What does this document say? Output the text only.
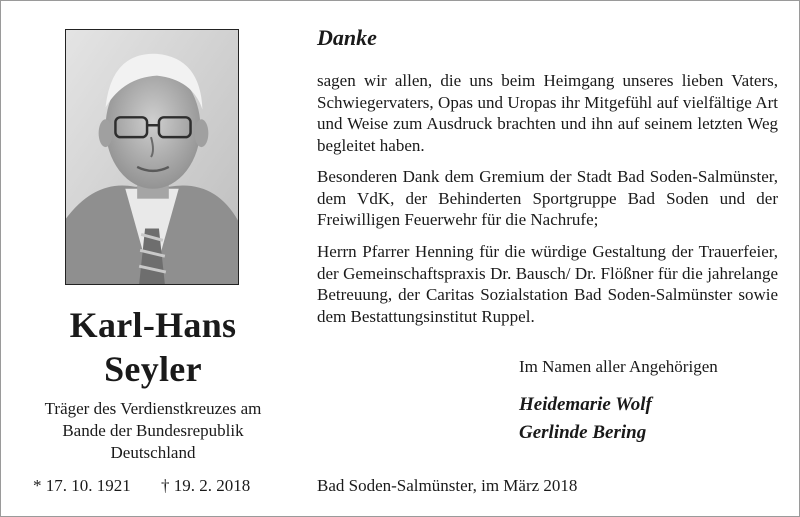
Karl-Hans
Seyler
Träger des Verdienstkreuzes am
Bande der Bundesrepublik
Deutschland
* 17. 10. 1921 † 19. 2. 2018
Danke
sagen wir allen, die uns beim Heimgang unseres lieben Vaters, Schwiegervaters, Opas und Uropas ihr Mitgefühl auf vielfältige Art und Weise zum Ausdruck brachten und ihn auf seinem letzten Weg begleitet haben.
Besonderen Dank dem Gremium der Stadt Bad Soden-Salmünster, dem VdK, der Behinderten Sportgruppe Bad Soden und der Freiwilligen Feuerwehr für die Nachrufe;
Herrn Pfarrer Henning für die würdige Gestaltung der Trauerfeier, der Gemeinschaftspraxis Dr. Bausch/ Dr. Flößner für die jahrelange Betreuung, der Caritas Sozialstation Bad Soden-Salmünster sowie dem Bestattungsinstitut Ruppel.
Im Namen aller Angehörigen
Heidemarie Wolf
Gerlinde Bering
Bad Soden-Salmünster, im März 2018
